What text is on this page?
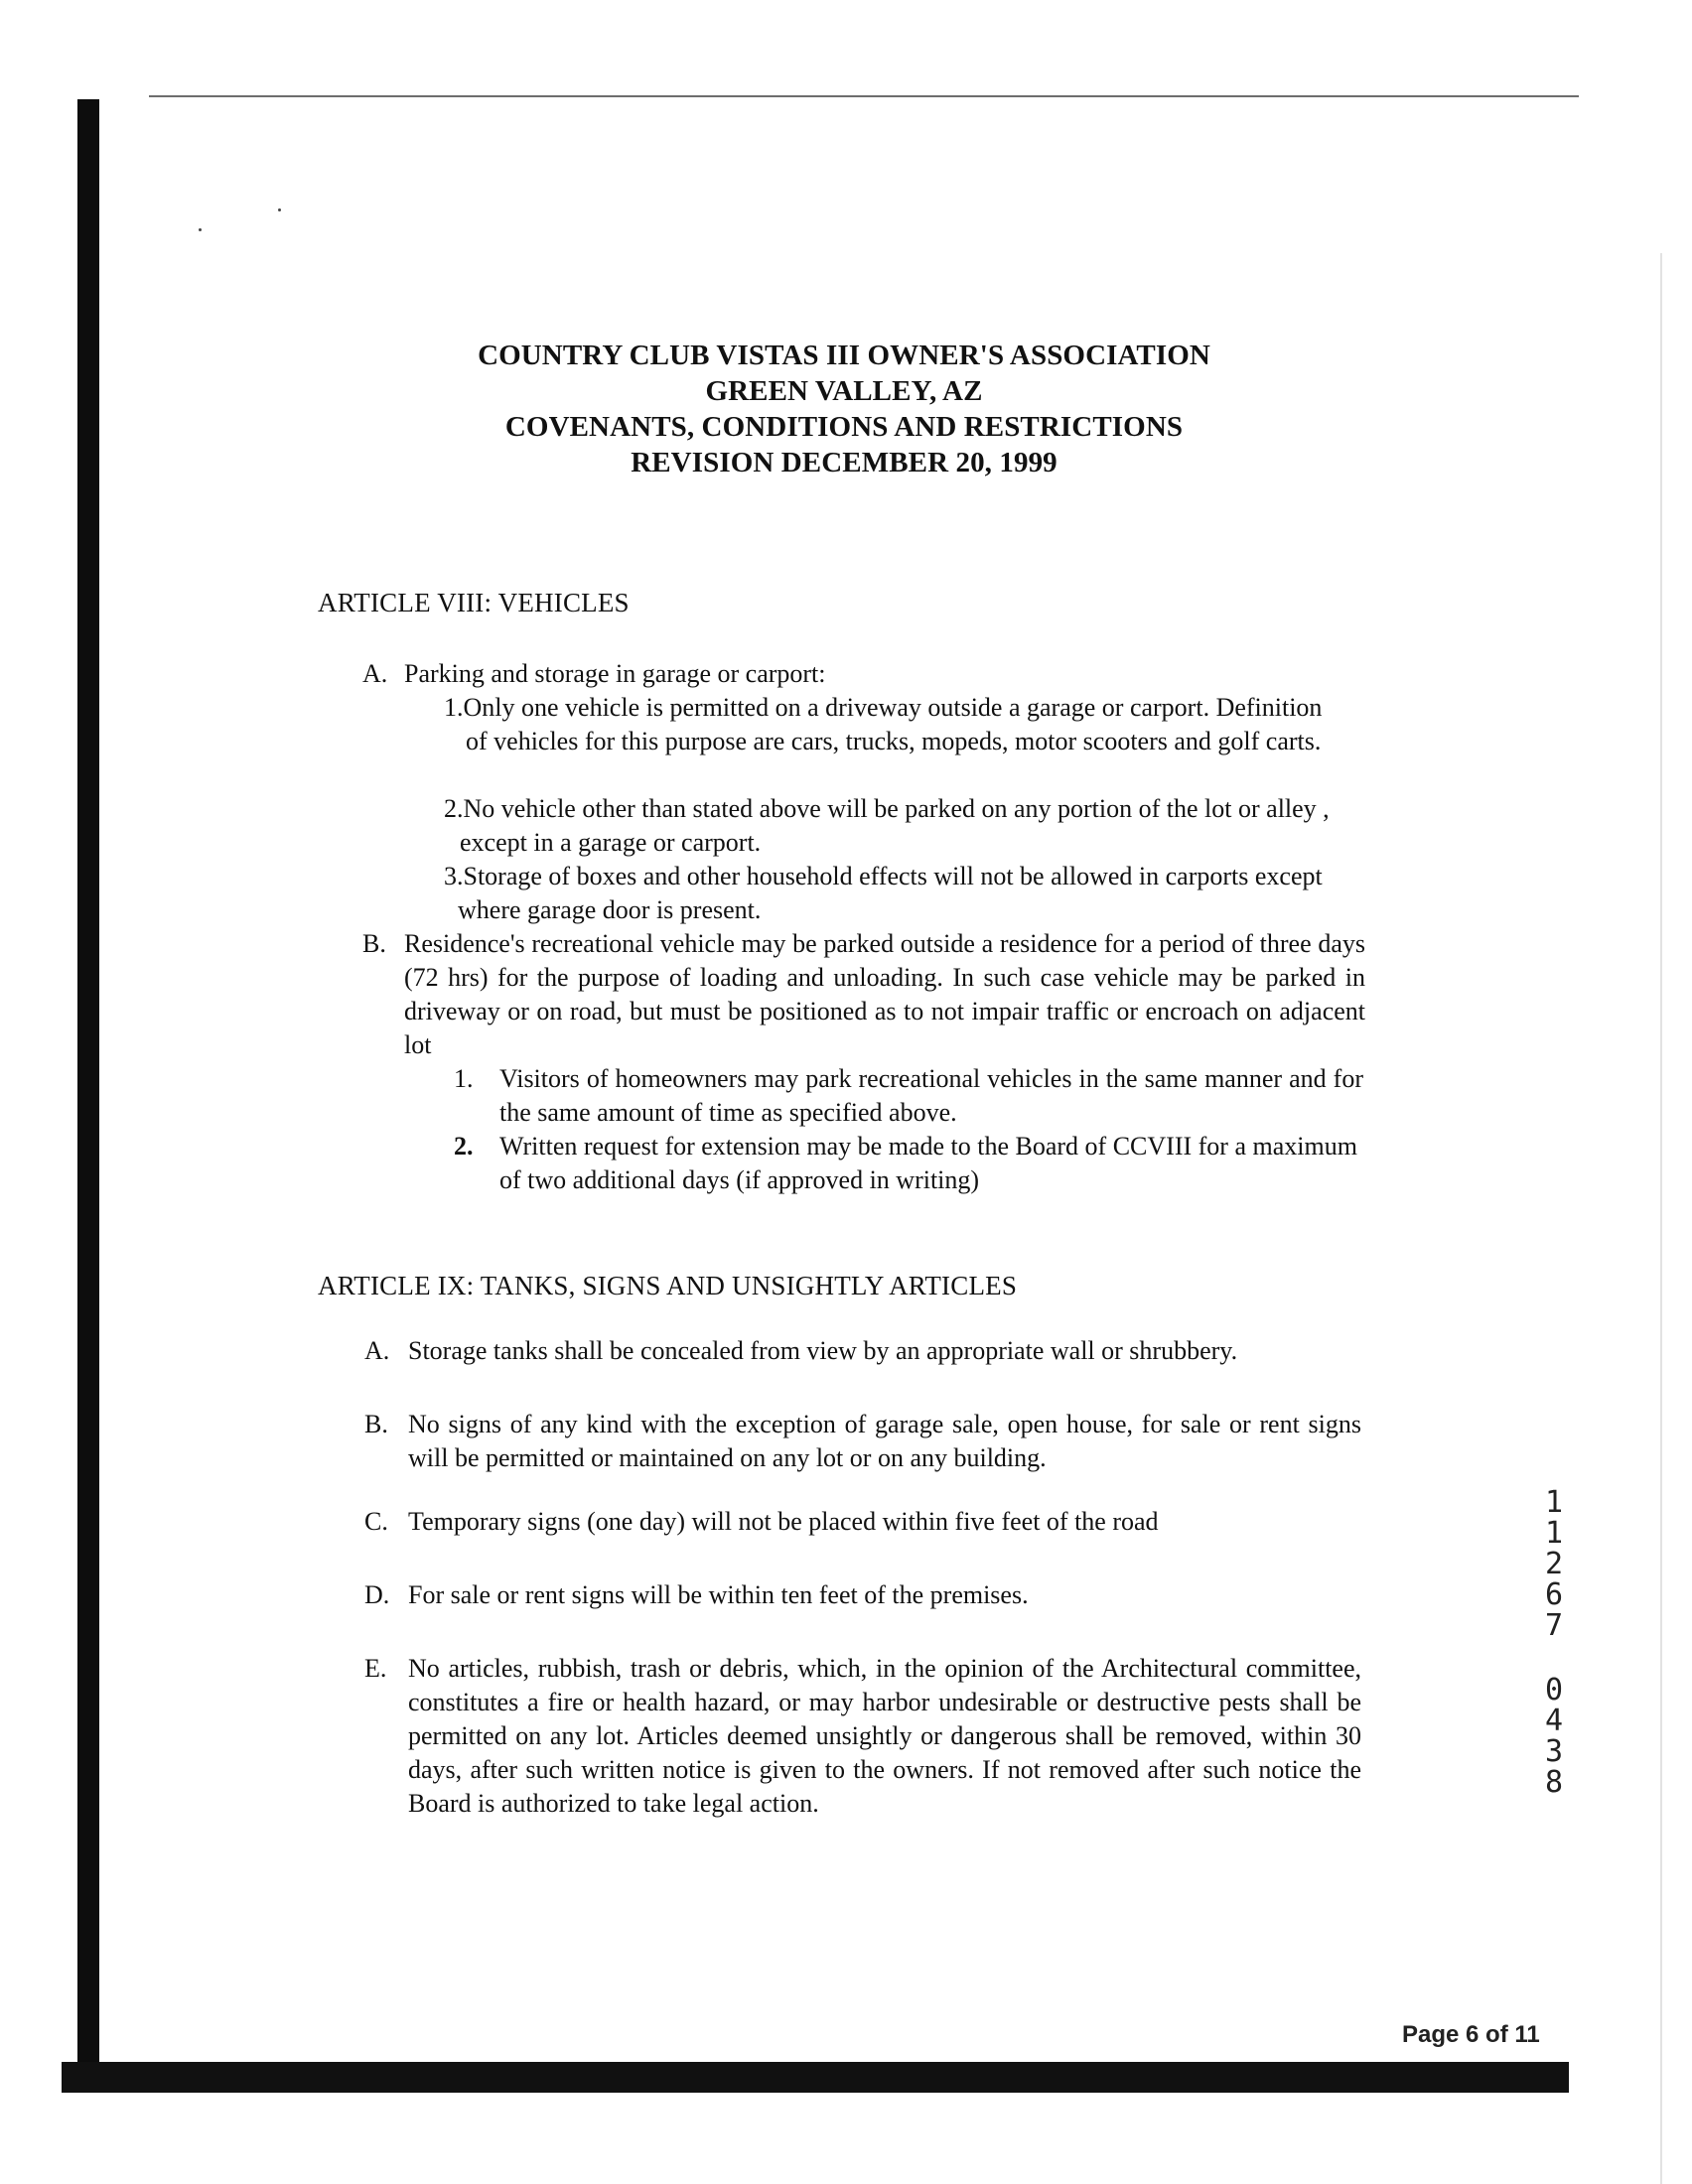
COUNTRY CLUB VISTAS III OWNER'S ASSOCIATION
GREEN VALLEY, AZ
COVENANTS, CONDITIONS AND RESTRICTIONS
REVISION DECEMBER 20, 1999
ARTICLE VIII: VEHICLES
A. Parking and storage in garage or carport:
1.Only one vehicle is permitted on a driveway outside a garage or carport. Definition of vehicles for this purpose are cars, trucks, mopeds, motor scooters and golf carts.
2.No vehicle other than stated above will be parked on any portion of the lot or alley , except in a garage or carport.
3.Storage of boxes and other household effects will not be allowed in carports except where garage door is present.
B. Residence's recreational vehicle may be parked outside a residence for a period of three days (72 hrs) for the purpose of loading and unloading. In such case vehicle may be parked in driveway or on road, but must be positioned as to not impair traffic or encroach on adjacent lot
1. Visitors of homeowners may park recreational vehicles in the same manner and for the same amount of time as specified above.
2. Written request for extension may be made to the Board of CCVIII for a maximum of two additional days (if approved in writing)
ARTICLE IX: TANKS, SIGNS AND UNSIGHTLY ARTICLES
A. Storage tanks shall be concealed from view by an appropriate wall or shrubbery.
B. No signs of any kind with the exception of garage sale, open house, for sale or rent signs will be permitted or maintained on any lot or on any building.
C. Temporary signs (one day) will not be placed within five feet of the road
D. For sale or rent signs will be within ten feet of the premises.
E. No articles, rubbish, trash or debris, which, in the opinion of the Architectural committee, constitutes a fire or health hazard, or may harbor undesirable or destructive pests shall be permitted on any lot. Articles deemed unsightly or dangerous shall be removed, within 30 days, after such written notice is given to the owners. If not removed after such notice the Board is authorized to take legal action.
1
1
2
6
7
0
4
3
8
Page 6 of 11
